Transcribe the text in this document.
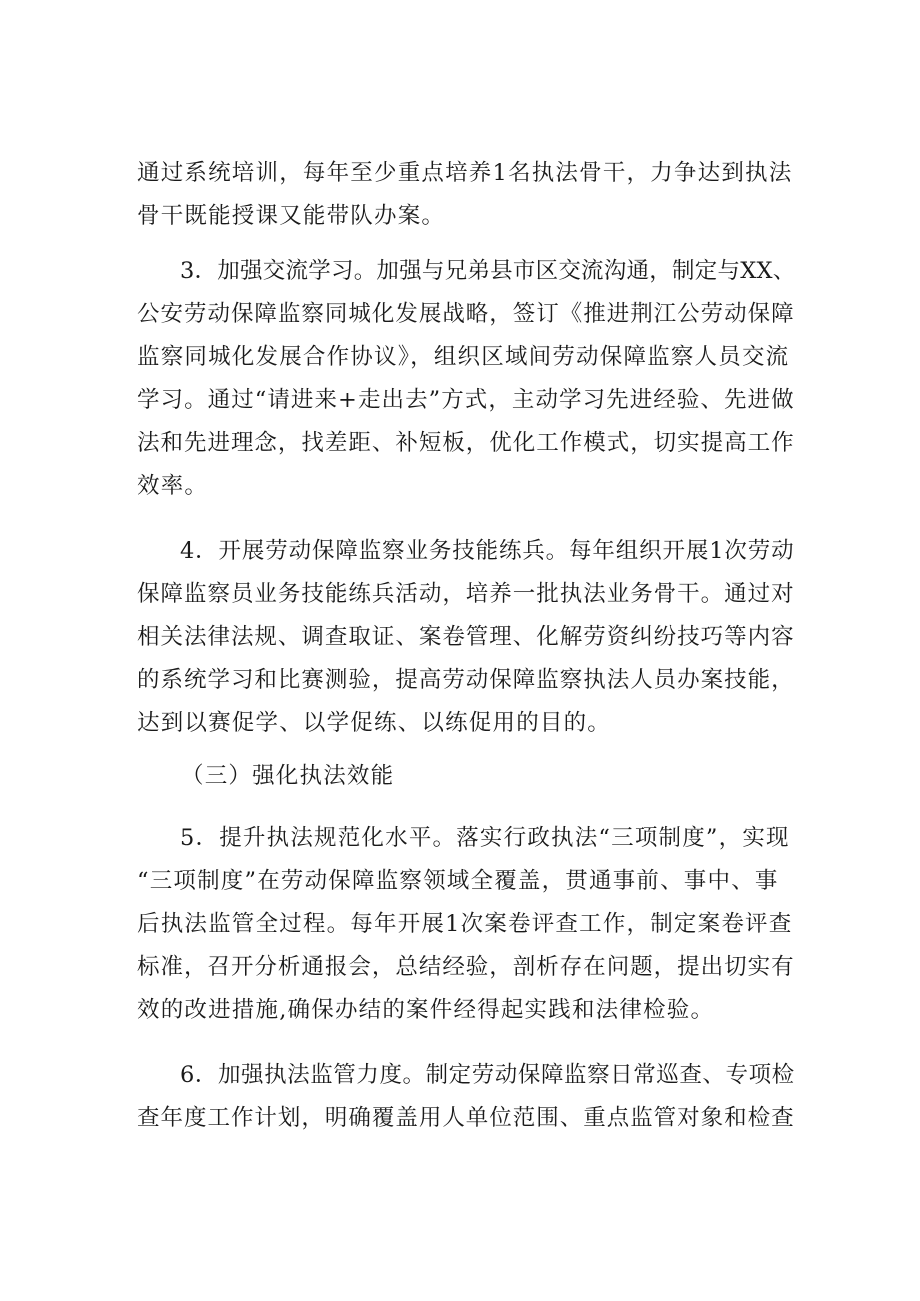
通过系统培训，每年至少重点培养1名执法骨干，力争达到执法
骨干既能授课又能带队办案。
3．加强交流学习。加强与兄弟县市区交流沟通，制定与XX、
公安劳动保障监察同城化发展战略，签订《推进荆江公劳动保障
监察同城化发展合作协议》，组织区域间劳动保障监察人员交流
学习。通过“请进来+走出去”方式，主动学习先进经验、先进做
法和先进理念，找差距、补短板，优化工作模式，切实提高工作
效率。
4．开展劳动保障监察业务技能练兵。每年组织开展1次劳动
保障监察员业务技能练兵活动，培养一批执法业务骨干。通过对
相关法律法规、调查取证、案卷管理、化解劳资纠纷技巧等内容
的系统学习和比赛测验，提高劳动保障监察执法人员办案技能，
达到以赛促学、以学促练、以练促用的目的。
（三）强化执法效能
5．提升执法规范化水平。落实行政执法“三项制度”，实现
“三项制度”在劳动保障监察领域全覆盖，贯通事前、事中、事
后执法监管全过程。每年开展1次案卷评查工作，制定案卷评查
标准，召开分析通报会，总结经验，剖析存在问题，提出切实有
效的改进措施,确保办结的案件经得起实践和法律检验。
6．加强执法监管力度。制定劳动保障监察日常巡查、专项检
查年度工作计划，明确覆盖用人单位范围、重点监管对象和检查
